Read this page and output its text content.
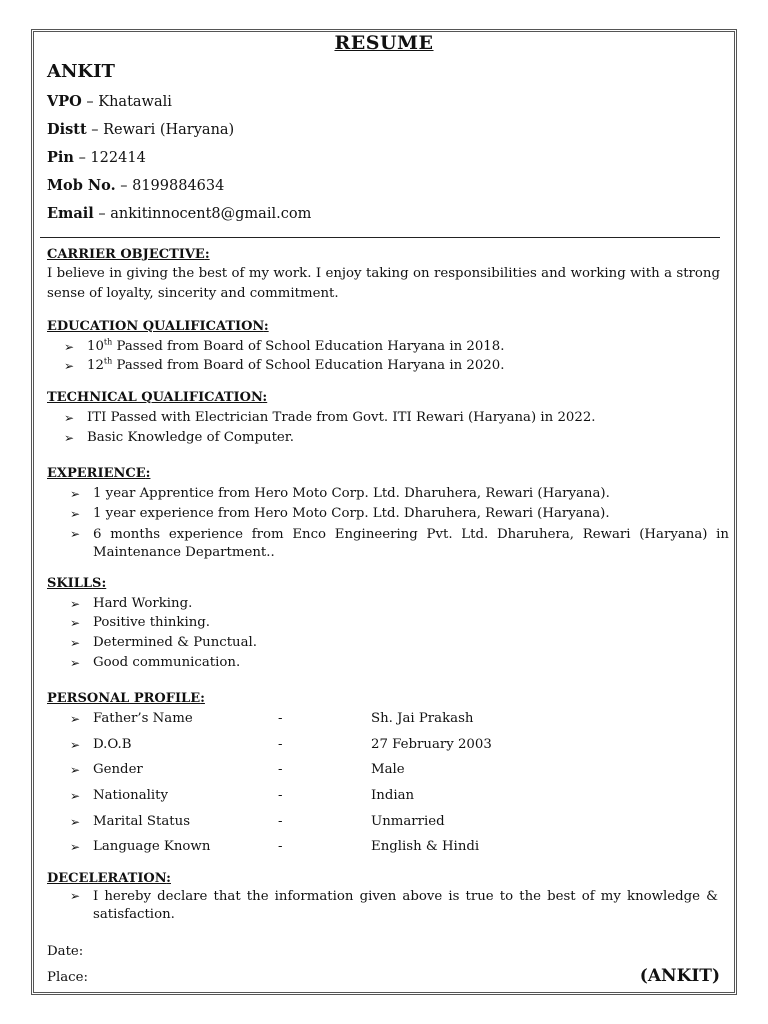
RESUME
ANKIT
VPO – Khatawali
Distt – Rewari (Haryana)
Pin – 122414
Mob No. – 8199884634
Email – ankitinnocent8@gmail.com
CARRIER OBJECTIVE:
I believe in giving the best of my work. I enjoy taking on responsibilities and working with a strong sense of loyalty, sincerity and commitment.
EDUCATION QUALIFICATION:
➢ 10th Passed from Board of School Education Haryana in 2018.
➢ 12th Passed from Board of School Education Haryana in 2020.
TECHNICAL QUALIFICATION:
➢ ITI Passed with Electrician Trade from Govt. ITI Rewari (Haryana) in 2022.
➢ Basic Knowledge of Computer.
EXPERIENCE:
➢ 1 year Apprentice from Hero Moto Corp. Ltd. Dharuhera, Rewari (Haryana).
➢ 1 year experience from Hero Moto Corp. Ltd. Dharuhera, Rewari (Haryana).
➢ 6 months experience from Enco Engineering Pvt. Ltd. Dharuhera, Rewari (Haryana) in Maintenance Department..
SKILLS:
➢ Hard Working.
➢ Positive thinking.
➢ Determined & Punctual.
➢ Good communication.
PERSONAL PROFILE:
➢ Father’s Name	-	Sh. Jai Prakash
➢ D.O.B	-	27 February 2003
➢ Gender	-	Male
➢ Nationality	-	Indian
➢ Marital Status	-	Unmarried
➢ Language Known	-	English & Hindi
DECELERATION:
➢ I hereby declare that the information given above is true to the best of my knowledge & satisfaction.
Date:
Place:	(ANKIT)
